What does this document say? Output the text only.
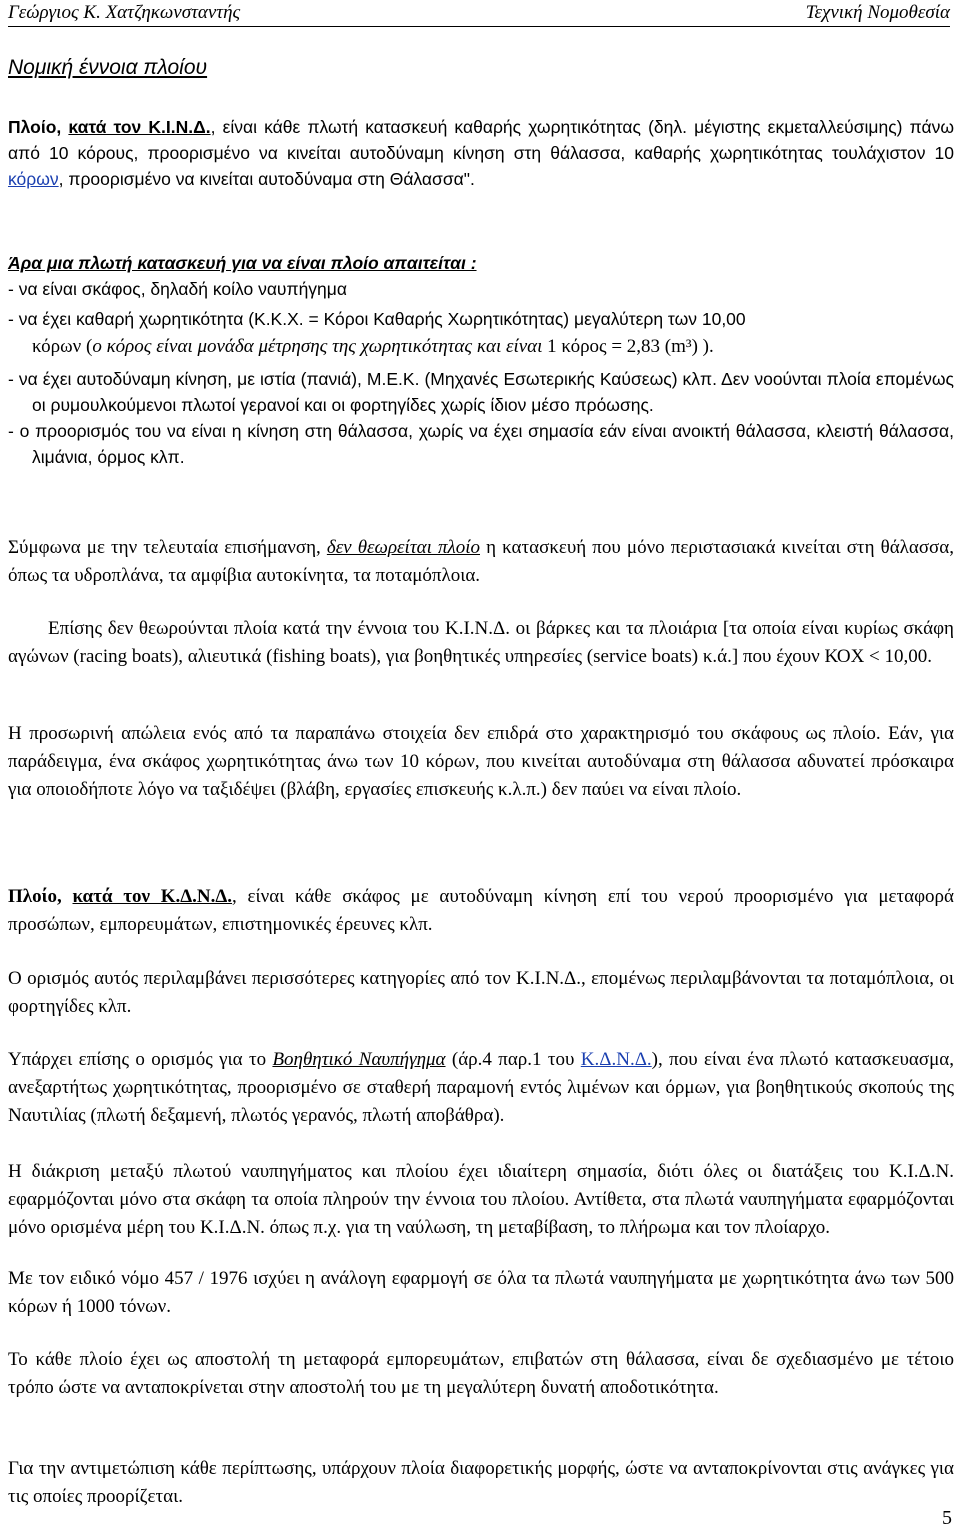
Γεώργιος Κ. Χατζηκωνσταντής	Τεχνική Νομοθεσία
Νομική έννοια πλοίου

Πλοίο, κατά τον Κ.Ι.Ν.Δ., είναι κάθε πλωτή κατασκευή καθαρής χωρητικότητας (δηλ. μέγιστης εκμεταλλεύσιμης) πάνω από 10 κόρους, προορισμένο να κινείται αυτοδύναμη κίνηση στη θάλασσα, καθαρής χωρητικότητας τουλάχιστον 10 κόρων, προορισμένο να κινείται αυτοδύναμα στη Θάλασσα".

Άρα μια πλωτή κατασκευή για να είναι πλοίο απαιτείται :

- να είναι σκάφος, δηλαδή κοίλο ναυπήγημα

- να έχει καθαρή χωρητικότητα (Κ.Κ.Χ. = Κόροι Καθαρής Χωρητικότητας) μεγαλύτερη των 10,00

κόρων (ο κόρος είναι μονάδα μέτρησης της χωρητικότητας και είναι 1 κόρος = 2,83 (m³) ).

- να έχει αυτοδύναμη κίνηση, με ιστία (πανιά), Μ.Ε.Κ. (Μηχανές Εσωτερικής Καύσεως) κλπ. Δεν νοούνται πλοία επομένως οι ρυμουλκούμενοι πλωτοί γερανοί και οι φορτηγίδες χωρίς ίδιον μέσο πρόωσης.

- ο προορισμός του να είναι η κίνηση στη θάλασσα, χωρίς να έχει σημασία εάν είναι ανοικτή θάλασσα, κλειστή θάλασσα, λιμάνια, όρμος κλπ.

Σύμφωνα με την τελευταία επισήμανση, δεν θεωρείται πλοίο η κατασκευή που μόνο περιστασιακά κινείται στη θάλασσα, όπως τα υδροπλάνα, τα αμφίβια αυτοκίνητα, τα ποταμόπλοια.

Επίσης δεν θεωρούνται πλοία κατά την έννοια του Κ.Ι.Ν.Δ. οι βάρκες και τα πλοιάρια [τα οποία είναι κυρίως σκάφη αγώνων (racing boats), αλιευτικά (fishing boats), για βοηθητικές υπηρεσίες (service boats) κ.ά.] που έχουν ΚΟΧ < 10,00.
Η προσωρινή απώλεια ενός από τα παραπάνω στοιχεία δεν επιδρά στο χαρακτηρισμό του σκάφους ως πλοίο. Εάν, για παράδειγμα, ένα σκάφος χωρητικότητας άνω των 10 κόρων, που κινείται αυτοδύναμα στη θάλασσα αδυνατεί πρόσκαιρα για οποιοδήποτε λόγο να ταξιδέψει (βλάβη, εργασίες επισκευής κ.λ.π.) δεν παύει να είναι πλοίο.

Πλοίο, κατά τον Κ.Δ.Ν.Δ., είναι κάθε σκάφος με αυτοδύναμη κίνηση επί του νερού προορισμένο για μεταφορά προσώπων, εμπορευμάτων, επιστημονικές έρευνες κλπ.

Ο ορισμός αυτός περιλαμβάνει περισσότερες κατηγορίες από τον Κ.Ι.Ν.Δ., επομένως περιλαμβάνονται τα ποταμόπλοια, οι φορτηγίδες κλπ.

Υπάρχει επίσης ο ορισμός για το Βοηθητικό Ναυπήγημα (άρ.4 παρ.1 του Κ.Δ.Ν.Δ.), που είναι ένα πλωτό κατασκευασμα, ανεξαρτήτως χωρητικότητας, προορισμένο σε σταθερή παραμονή εντός λιμένων και όρμων, για βοηθητικούς σκοπούς της Ναυτιλίας (πλωτή δεξαμενή, πλωτός γερανός, πλωτή αποβάθρα).

Η διάκριση μεταξύ πλωτού ναυπηγήματος και πλοίου έχει ιδιαίτερη σημασία, διότι όλες οι διατάξεις του Κ.Ι.Δ.Ν. εφαρμόζονται μόνο στα σκάφη τα οποία πληρούν την έννοια του πλοίου. Αντίθετα, στα πλωτά ναυπηγήματα εφαρμόζονται μόνο ορισμένα μέρη του Κ.Ι.Δ.Ν. όπως π.χ. για τη ναύλωση, τη μεταβίβαση, το πλήρωμα και τον πλοίαρχο.
Με τον ειδικό νόμο 457 / 1976 ισχύει η ανάλογη εφαρμογή σε όλα τα πλωτά ναυπηγήματα με χωρητικότητα άνω των 500 κόρων ή 1000 τόνων.
Το κάθε πλοίο έχει ως αποστολή τη μεταφορά εμπορευμάτων, επιβατών στη θάλασσα, είναι δε σχεδιασμένο με τέτοιο τρόπο ώστε να ανταποκρίνεται στην αποστολή του με τη μεγαλύτερη δυνατή αποδοτικότητα.
Για την αντιμετώπιση κάθε περίπτωσης, υπάρχουν πλοία διαφορετικής μορφής, ώστε να ανταποκρίνονται στις ανάγκες για τις οποίες προορίζεται.
5
